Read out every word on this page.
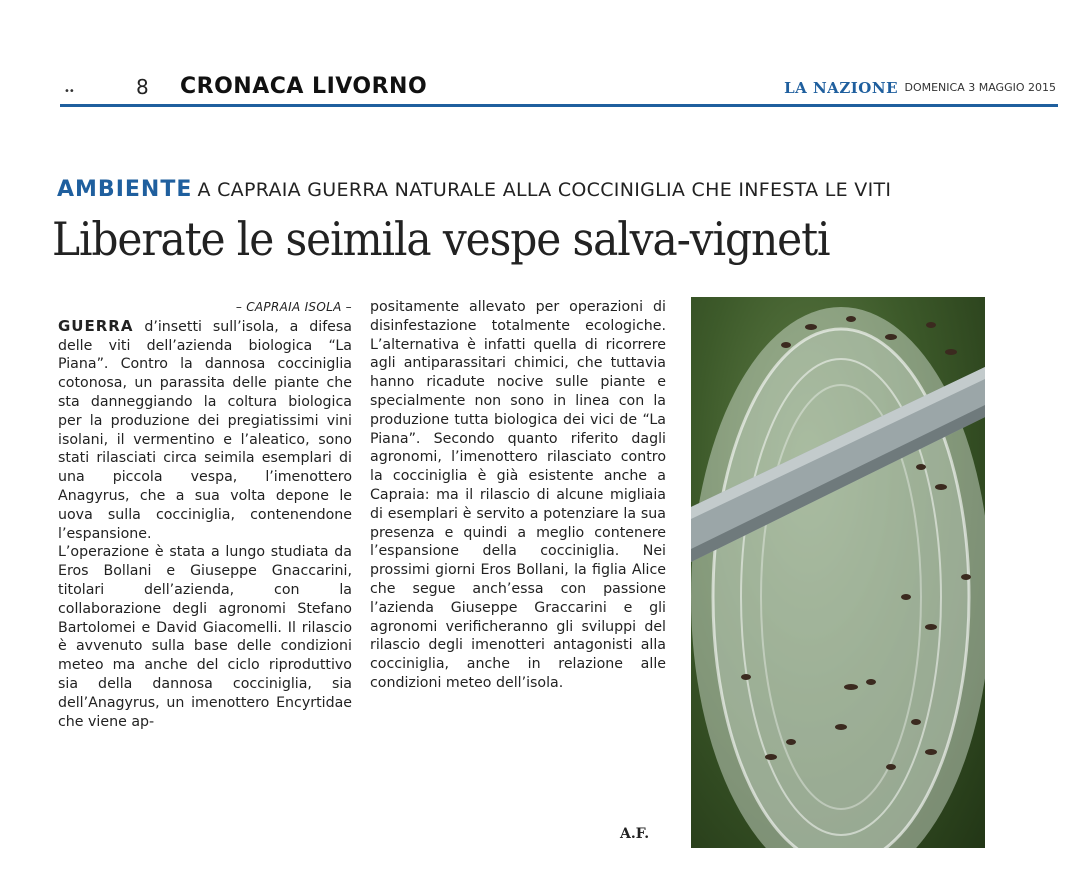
••	8 CRONACA LIVORNO	LA NAZIONE DOMENICA 3 MAGGIO 2015
AMBIENTE A CAPRAIA GUERRA NATURALE ALLA COCCINIGLIA CHE INFESTA LE VITI
Liberate le seimila vespe salva-vigneti
– CAPRAIA ISOLA –
GUERRA d’insetti sull’isola, a difesa delle viti dell’azienda biologica “La Piana”. Contro la dannosa cocciniglia cotonosa, un parassita delle piante che sta danneggiando la coltura biologica per la produzione dei pregiatissimi vini isolani, il vermentino e l’aleatico, sono stati rilasciati circa seimila esemplari di una piccola vespa, l’imenottero Anagyrus, che a sua volta depone le uova sulla cocciniglia, contenendone l’espansione.
L’operazione è stata a lungo studiata da Eros Bollani e Giuseppe Gnaccarini, titolari dell’azienda, con la collaborazione degli agronomi Stefano Bartolomei e David Giacomelli. Il rilascio è avvenuto sulla base delle condizioni meteo ma anche del ciclo riproduttivo sia della dannosa cocciniglia, sia dell’Anagyrus, un imenottero Encyrtidae che viene ap-
positamente allevato per operazioni di disinfestazione totalmente ecologiche. L’alternativa è infatti quella di ricorrere agli antiparassitari chimici, che tuttavia hanno ricadute nocive sulle piante e specialmente non sono in linea con la produzione tutta biologica dei vici de “La Piana”. Secondo quanto riferito dagli agronomi, l’imenottero rilasciato contro la cocciniglia è già esistente anche a Capraia: ma il rilascio di alcune migliaia di esemplari è servito a potenziare la sua presenza e quindi a meglio contenere l’espansione della cocciniglia. Nei prossimi giorni Eros Bollani, la figlia Alice che segue anch’essa con passione l’azienda Giuseppe Graccarini e gli agronomi verificheranno gli sviluppi del rilascio degli imenotteri antagonisti alla cocciniglia, anche in relazione alle condizioni meteo dell’isola.
A.F.
